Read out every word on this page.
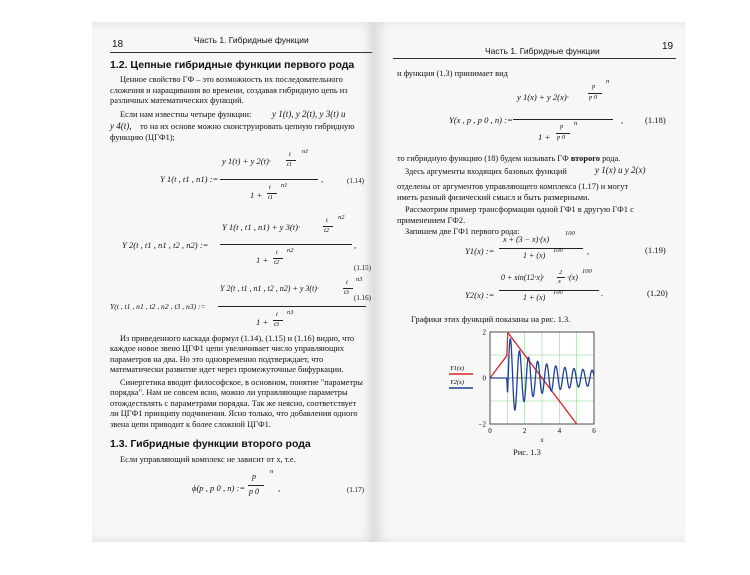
18	Часть 1. Гибридные функции
1.2. Цепные гибридные функции первого рода
Ценное свойство ГФ – это возможность их последовательного
сложения и наращивания во времени, создавая гибридную цепь из
различных математических функций.
Если нам известны четыре функции: y 1(t), y 2(t), y 3(t) и
y 4(t), то на их основе можно сконструировать цепную гибридную
функцию (ЦГФ1);
Y 1(t , t1 , n1) :=
y 1(t) + y 2(t)·
t
t1
n1
1 +
t
t1
n1
,	(1.14)
Y 2(t , t1 , n1 , t2 , n2) :=
Y 1(t , t1 , n1) + y 3(t)·
t
t2
n2
1 +
t
t2
n2
,
(1.15)
Y(t , t1 , n1 , t2 , n2 , t3 , n3) :=
Y 2(t , t1 , n1 , t2 , n2) + y 3(t)·
t
t3
n3
1 +
t
t3
n3
(1.16)
Из приведенного каскада формул (1.14), (1.15) и (1.16) видно, что
каждое новое звено ЦГФ1 цепи увеличивает число управляющих
параметров на два. Но это одновременно подтверждает, что
математически развитие идет через промежуточные бифуркации.
Синергетика вводит философское, в основном, понятие "параметры
порядка". Нам не совсем ясно, можно ли управляющие параметры
отождествлять с параметрами порядка. Так же неясно, соответствует
ли ЦГФ1 принципу подчинения. Ясно только, что добавления одного
звена цепи приводит к более сложной ЦГФ1.
1.3. Гибридные функции второго рода
Если управляющий комплекс не зависит от x, т.е.
ϕ(p , p 0 , n) :=
p
p 0
n
,	(1.17)
Часть 1. Гибридные функции	19
и функция (1.3) принимает вид
Y(x , p , p 0 , n) :=
y 1(x) + y 2(x)·
p
p 0
n
1 +
p
p 0
n	,	(1.18)
то гибридную функцию (18) будем называть ГФ второго рода.
Здесь аргументы входящих базовых функций	y 1(x) и y 2(x)
отделены от аргументов управляющего комплекса (1.17) и могут
иметь разный физический смысл и быть размерными.
Рассмотрим пример трансформации одной ГФ1 в другую ГФ1 с
применением ГФ2.
Запишем две ГФ1 первого рода:
Y1(x) :=
x + (3 − x)·(x)
100
1 + (x)
100	,	(1.19)
Y2(x) :=
0 + sin(12·x)·
2
x ·(x)
100
1 + (x)
100	.	(1.20)
Графики этих функций показаны на рис. 1.3.
0	2	4	6
2
0
−2
x
Y1(x)
Y2(x)
Рис. 1.3
